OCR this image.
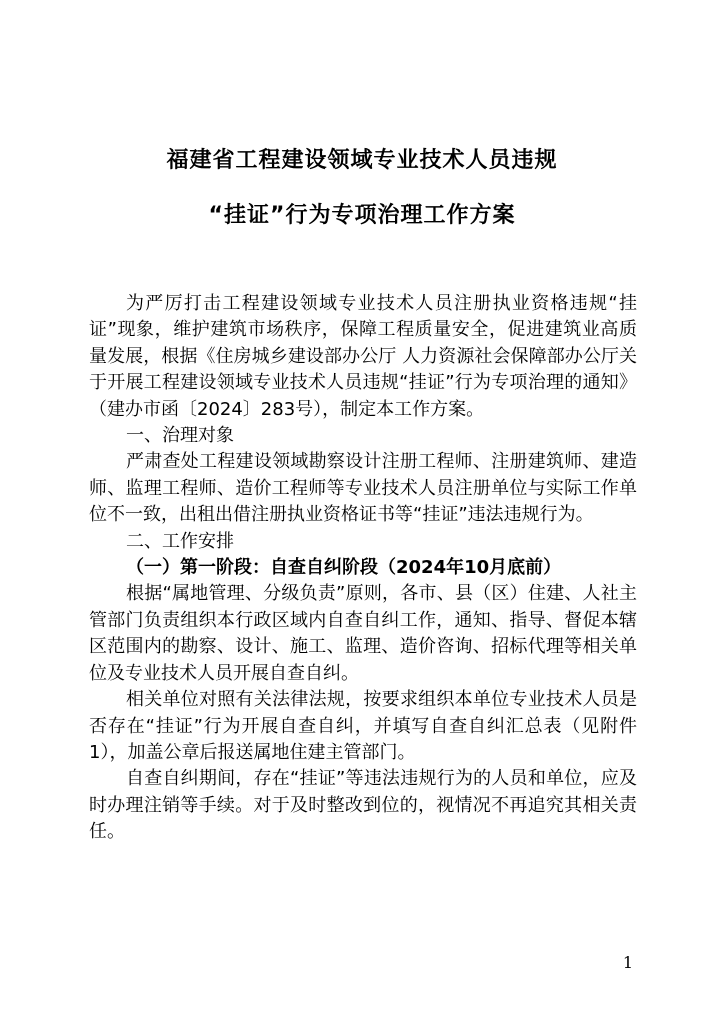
福建省工程建设领域专业技术人员违规
“挂证”行为专项治理工作方案

为严厉打击工程建设领域专业技术人员注册执业资格违规“挂证”现象，维护建筑市场秩序，保障工程质量安全，促进建筑业高质量发展，根据《住房城乡建设部办公厅 人力资源社会保障部办公厅关于开展工程建设领域专业技术人员违规“挂证”行为专项治理的通知》（建办市函〔2024〕283号），制定本工作方案。

一、治理对象

严肃查处工程建设领域勘察设计注册工程师、注册建筑师、建造师、监理工程师、造价工程师等专业技术人员注册单位与实际工作单位不一致，出租出借注册执业资格证书等“挂证”违法违规行为。

二、工作安排

（一）第一阶段：自查自纠阶段（2024年10月底前）

根据“属地管理、分级负责”原则，各市、县（区）住建、人社主管部门负责组织本行政区域内自查自纠工作，通知、指导、督促本辖区范围内的勘察、设计、施工、监理、造价咨询、招标代理等相关单位及专业技术人员开展自查自纠。

相关单位对照有关法律法规，按要求组织本单位专业技术人员是否存在“挂证”行为开展自查自纠，并填写自查自纠汇总表（见附件1），加盖公章后报送属地住建主管部门。

自查自纠期间，存在“挂证”等违法违规行为的人员和单位，应及时办理注销等手续。对于及时整改到位的，视情况不再追究其相关责任。

1
